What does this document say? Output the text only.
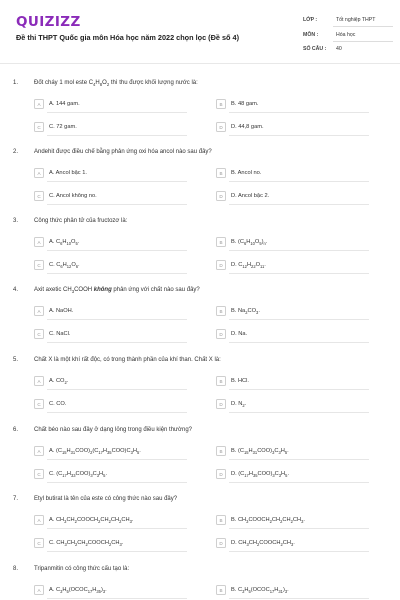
QUIZIZZ
Đề thi THPT Quốc gia môn Hóa học năm 2022 chọn lọc (Đề số 4)
LỚP :	Tốt nghiệp THPT
MÔN :	Hóa học
SỐ CÂU : 40
1.	Đốt cháy 1 mol este $C_4H_8O_2$ thì thu được khối lượng nước là:
A	A. 144 gam.	B	B. 48 gam.
C	C. 72 gam.	D	D. 44,8 gam.
2.	Andehit được điều chế bằng phản ứng oxi hóa ancol nào sau đây?
A	A. Ancol bậc 1.	B	B. Ancol no.
C	C. Ancol không no.	D	D. Ancol bậc 2.
3.	Công thức phân tử của fructozơ là:
A	A. $C_6H_{10}O_5$.	B	B. $(C_6H_{10}O_5)_n$.
C	C. $C_6H_{12}O_6$.	D	D. $C_{12}H_{22}O_{11}$.
4.	Axit axetic $CH_3COOH$ không phản ứng với chất nào sau đây?
A	A. NaOH.	B	B. $Na_2CO_3$.
C	C. NaCl.	D	D. Na.
5.	Chất X là một khí rất độc, có trong thành phần của khí than. Chất X là:
A	A. $CO_2$.	B	B. HCl.
C	C. CO.	D	D. $N_2$.
6.	Chất béo nào sau đây ở dạng lỏng trong điều kiện thường?
A	A. $(C_{15}H_{31}COO)_2(C_{17}H_{35}COO)C_3H_5$.	B	B. $(C_{15}H_{31}COO)_3C_3H_5$.
C	C. $(C_{17}H_{33}COO)_3C_3H_5$.	D	D. $(C_{17}H_{35}COO)_3C_3H_5$.
7.	Etyl butirat là tên của este có công thức nào sau đây?
A	A. $CH_3CH_2COOCH_2CH_2CH_2CH_3$.	B	B. $CH_3COOCH_2CH_2CH_2CH_3$.
C	C. $CH_3CH_2CH_2COOCH_2CH_3$.	D	D. $CH_3CH_2COOCH_2CH_3$.
8.	Tripanmitin có công thức cấu tạo là:
A	A. $C_3H_5(OCOC_{17}H_{35})_3$.	B	B. $C_3H_5(OCOC_{17}H_{31})_3$.
